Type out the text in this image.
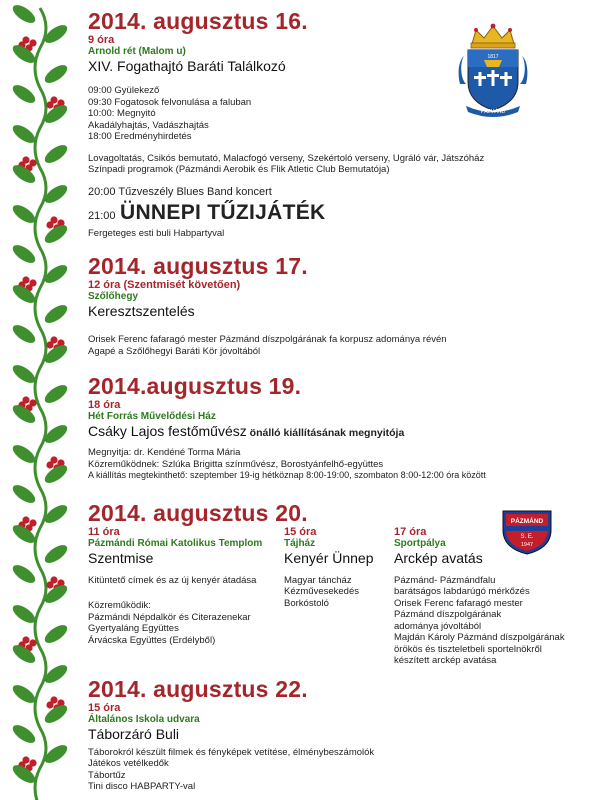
1817
PÁZMÁND

2014. augusztus 16.

9 óra
Arnold rét (Malom u)
XIV. Fogathajtó Baráti Találkozó
09:00 Gyülekező
09:30 Fogatosok felvonulása a faluban
10:00: Megnyitó
Akadályhajtás, Vadászhajtás
18:00 Eredményhirdetés
Lovagoltatás, Csikós bemutató, Malacfogó verseny, Szekértoló verseny, Ugráló vár, Játszóház
Színpadi programok (Pázmándi Aerobik és Flik Atletic Club Bemutatója)
20:00 Tűzveszély Blues Band koncert
21:00 ÜNNEPI TŰZIJÁTÉK
Fergeteges esti buli Habpartyval

2014. augusztus 17.

12 óra (Szentmisét követően)
Szőlőhegy
Keresztszentelés
Orisek Ferenc fafaragó mester Pázmánd díszpolgárának fa korpusz adománya révén
Agapé a Szőlőhegyi Baráti Kör jóvoltából

2014.augusztus 19.

18 óra
Hét Forrás Művelődési Ház
Csáky Lajos festőművész önálló kiállításának megnyitója
Megnyitja: dr. Kendéné Torma Mária
Közreműködnek: Szlúka Brigitta színművész, Borostyánfelhő-együttes
A kiállítás megtekinthető: szeptember 19-ig hétköznap 8:00-19:00, szombaton 8:00-12:00 óra között

2014. augusztus 20.

11 óra
Pázmándi Római Katolikus Templom
Szentmise
Kitüntető címek és az új kenyér átadása
Közreműködik:
Pázmándi Népdalkör és Citerazenekar
Gyertyaláng Együttes
Árvácska Együttes (Erdélyből)
15 óra
Tájház
Kenyér Ünnep
Magyar táncház
Kézművesekedés
Borkóstoló
17 óra
Sportpálya
Arckép avatás
Pázmánd- Pázmándfalu
barátságos labdarúgó mérkőzés
Orisek Ferenc fafaragó mester
Pázmánd díszpolgárának
adománya jóvoltából
Majdán Károly Pázmánd díszpolgárának
örökös és tiszteletbeli sportelnökről
készített arckép avatása

2014. augusztus 22.

15 óra
Általános Iskola udvara
Táborzáró Buli
Táborokról készült filmek és fényképek vetítése, élménybeszámolók
Játékos vetélkedők
Tábortűz
Tini disco HABPARTY-val
PÁZMÁND
S. E.
1947
